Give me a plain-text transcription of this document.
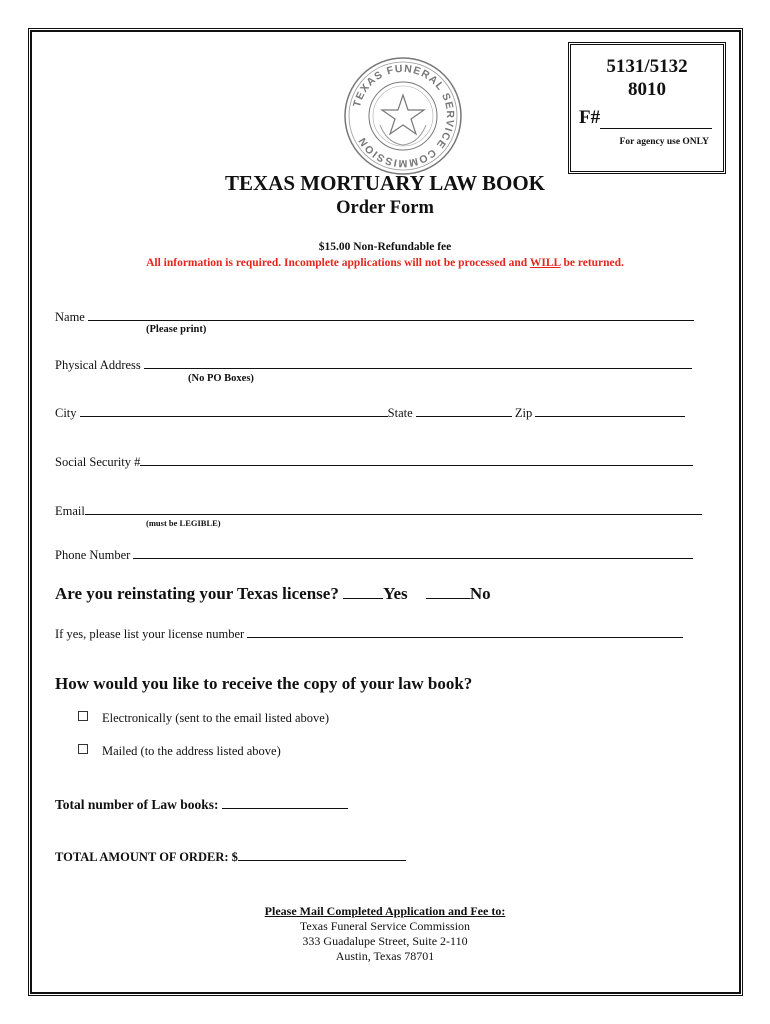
TEXAS FUNERAL SERVICE COMMISSION
5131/5132
8010
F#
For agency use ONLY
TEXAS MORTUARY LAW BOOK
Order Form
$15.00 Non-Refundable fee
All information is required. Incomplete applications will not be processed and WILL be returned.
Name
(Please print)
Physical Address
(No PO Boxes)
City	State	Zip
Social Security #
Email
(must be LEGIBLE)
Phone Number
Are you reinstating your Texas license?	Yes	No
If yes, please list your license number
How would you like to receive the copy of your law book?
Electronically (sent to the email listed above)
Mailed (to the address listed above)
Total number of Law books:
TOTAL AMOUNT OF ORDER: $
Please Mail Completed Application and Fee to:
Texas Funeral Service Commission
333 Guadalupe Street, Suite 2-110
Austin, Texas 78701
